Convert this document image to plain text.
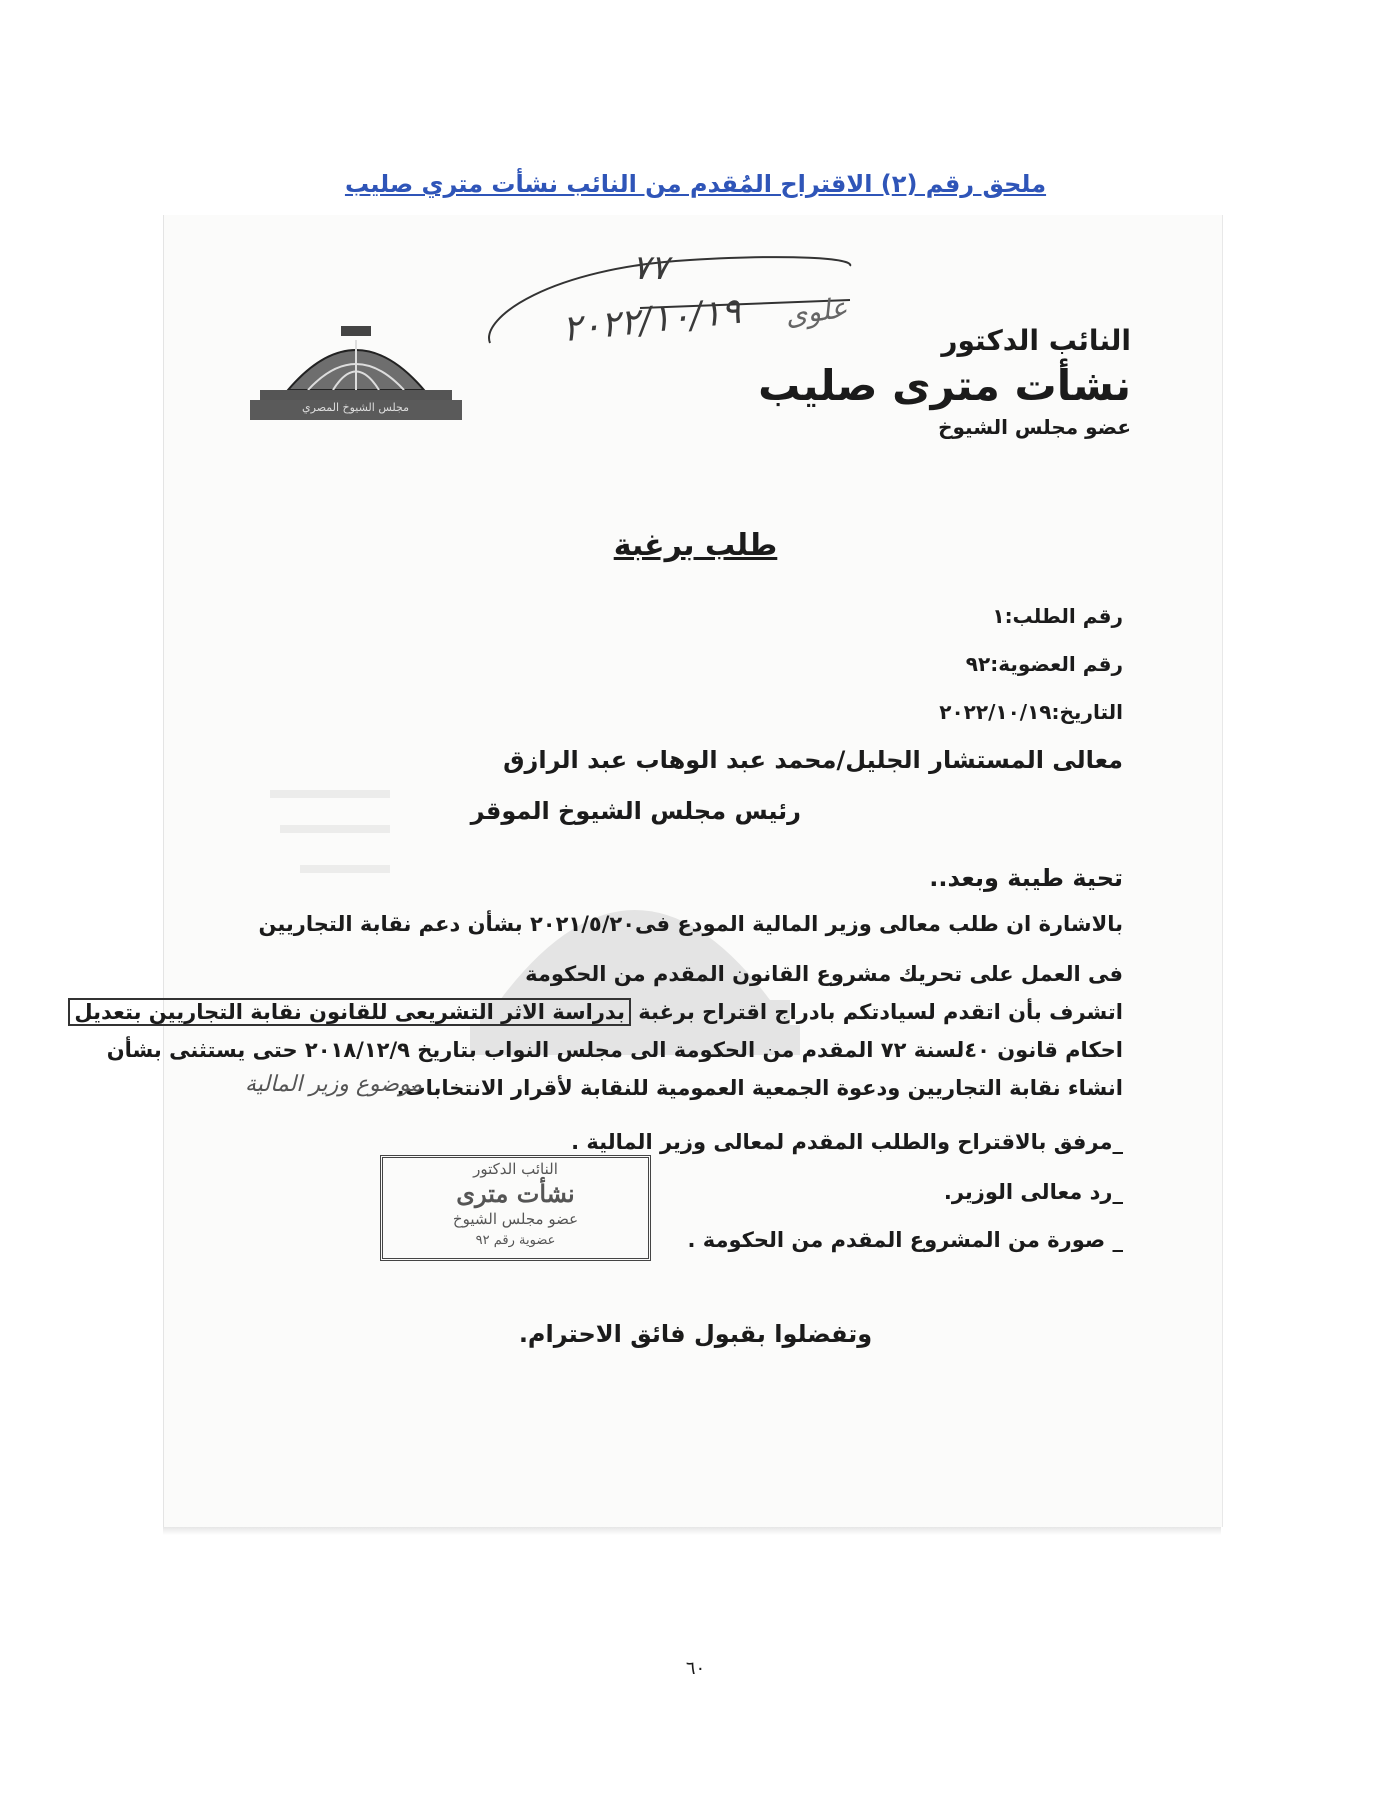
ملحق رقم (٢) الاقتراح المُقدم من النائب نشأت متري صليب
٧٧
٢٠٢٢/١٠/١٩ علوى
مجلس الشيوخ المصري
النائب الدكتور
نشأت مترى صليب
عضو مجلس الشيوخ
طلب برغبة
رقم الطلب:١
رقم العضوية:٩٢
التاريخ:٢٠٢٢/١٠/١٩
معالى المستشار الجليل/محمد عبد الوهاب عبد الرازق
رئيس مجلس الشيوخ الموقر
تحية طيبة وبعد..
بالاشارة ان طلب معالى وزير المالية المودع فى٢٠٢١/٥/٢٠ بشأن دعم نقابة التجاريين
فى العمل على تحريك مشروع القانون المقدم من الحكومة
اتشرف بأن اتقدم لسيادتكم بادراج اقتراح برغبة بدراسة الاثر التشريعى للقانون نقابة التجاريين بتعديل
احكام قانون ٤٠لسنة ٧٢ المقدم من الحكومة الى مجلس النواب بتاريخ ٢٠١٨/١٢/٩ حتى يستثنى بشأن
انشاء نقابة التجاريين ودعوة الجمعية العمومية للنقابة لأقرار الانتخابات.
موضوع وزير المالية
_مرفق بالاقتراح والطلب المقدم لمعالى وزير المالية .
_رد معالى الوزير.
_ صورة من المشروع المقدم من الحكومة .
النائب الدكتور
نشأت مترى
عضو مجلس الشيوخ
عضوية رقم ٩٢
وتفضلوا بقبول فائق الاحترام.
٦٠
